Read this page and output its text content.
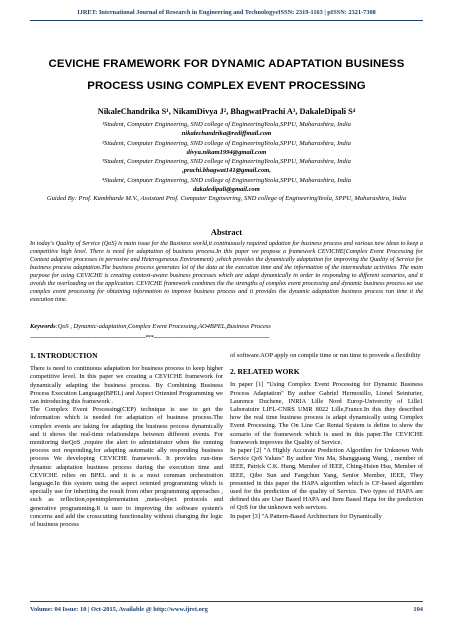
IJRET: International Journal of Research in Engineering and TechnologyeISSN: 2319-1163 | pISSN: 2321-7308
CEVICHE FRAMEWORK FOR DYNAMIC ADAPTATION BUSINESS
PROCESS USING COMPLEX EVENT PROCESSING
NikaleChandrika S¹, NikamDivya J², BhagwatPrachi A³, DakaleDipali S⁴
¹Student, Computer Engineering, SND college of EngineeringYeola,SPPU, Maharashtra, India
nikalechandrika@rediffmail.com
²Student, Computer Engineering, SND college of EngineeringYeola,SPPU, Maharashtra, India
divya.nikam1994@gmail.com
³Student, Computer Engineering, SND college of EngineeringYeola,SPPU, Maharashtra, India
,prachi.bhagwat141@gmail.com,
⁴Student, Computer Engineering, SND college of EngineeringYeola,SPPU, Maharashtra, India
dakaledipali@gmail.com
Guided By: Prof. Kumbharde M.V., Assistant Prof. Computer Engineering, SND college of EngineeringYeola, SPPU, Maharashtra, India
Abstract
In today's Quality of Service (QoS) is main issue for the Business world,it continuously required updation for business process and various new ideas to keep a competitive high level. There is need for adaptation of business process.In this paper we propose a framework CEVICHE(Complex Event Processing for Context adaptive processes in pervasive and Heterogeneous Environment) ,which provides the dynamically adaptation for improving the Quality of Service for business process adaptation.The business process generates lot of the data at the execution time and the information of the intermediate activities. The main purpose for using CEVICHE is creating context-aware business processes which are adapt dynamically in order to responding to different scenarios, and it avoids the overloading on the application. CEVICHE framework combines the the strengths of complex event processing and dynamic business process.we use complex event processing for obtaining information to improve business process and it provides the dynamic adaptation business process run time it the execution time.
Keywords:QoS , Dynamic-adaptation,Complex Event Processing,AO4BPEL,Business Process
--------------------------------------------------------------------***--------------------------------------------------------------------
1. INTRODUCTION

There is need to continuous adaptation for business process to keep higher competitive level. In this paper we creating a CEVICHE framework for dynamically adapting the business process. By Combining Business Process Execution Language(BPEL) and Aspect Oriented Programming we can introducing this framework .

The Complex Event Processing(CEP) technique is use to get the information which is needed for adaptation of business process.The complex events are taking for adapting the business process dynamically and it shows the real-time relationships between different events. For monitoring theQoS ,require the alert to administrator when the running process not responding,for adapting automatic ally responding business process We developing CEVICHE framework. It provides run-time dynamic adaptation business process during the execution time and CEVICHE relies on BPEL and it is a most comman orchestration language.In this system using the aspect oriented programming which is specially use for inheriting the result from other programming approaches , such as reflection,openimplementation ,meta-object protocols and generative programming.It is user to improving the software system's concerns and add the crosscutting functionality without changing the logic of business process

of software.AOP apply on compile time or run time to provede a flexibility

2. RELATED WORK

In paper [1] "Using Complex Event Processing for Dynamic Business Process Adaptation" By author Gabriel Hermosillo, Lionel Seinturier, Laurence Duchene, INRIA Lille Nord Europ-Univercity of Lille1 Laboratoire LIFL-CNRS UMR 8022 Lille,France.In this they described how the real time business process is adapt dynamically using Complex Event Processing. The On Line Car Rental System is define to show the scenario of the framework which is used in this paper.The CEVICHE framework improves the Quality of Service.

In paper [2] "A Highly Accurate Prediction Algorithm for Unknown Web Service QoS Values" By author You Ma, Shangguang Wang, , member of IEEE, Patrick C.K. Hung, Member of IEEE, Ching-Hsien Hsu, Member of IEEE, Qibo Sun and Fangchun Yang, Senior Member, IEEE, They presented in this paper the HAPA algorithm which is CF-based algorithm used for the prediction of the quality of Service. Two types of HAPA are defined this are User Based HAPA and Item Based Hapa for the prediction of QoS for the unknown web services.

In paper [3] "A Pattern-Based Architecture for Dynamically

Volume: 04 Issue: 10 | Oct-2015, Available @ http://www.ijret.org	104
